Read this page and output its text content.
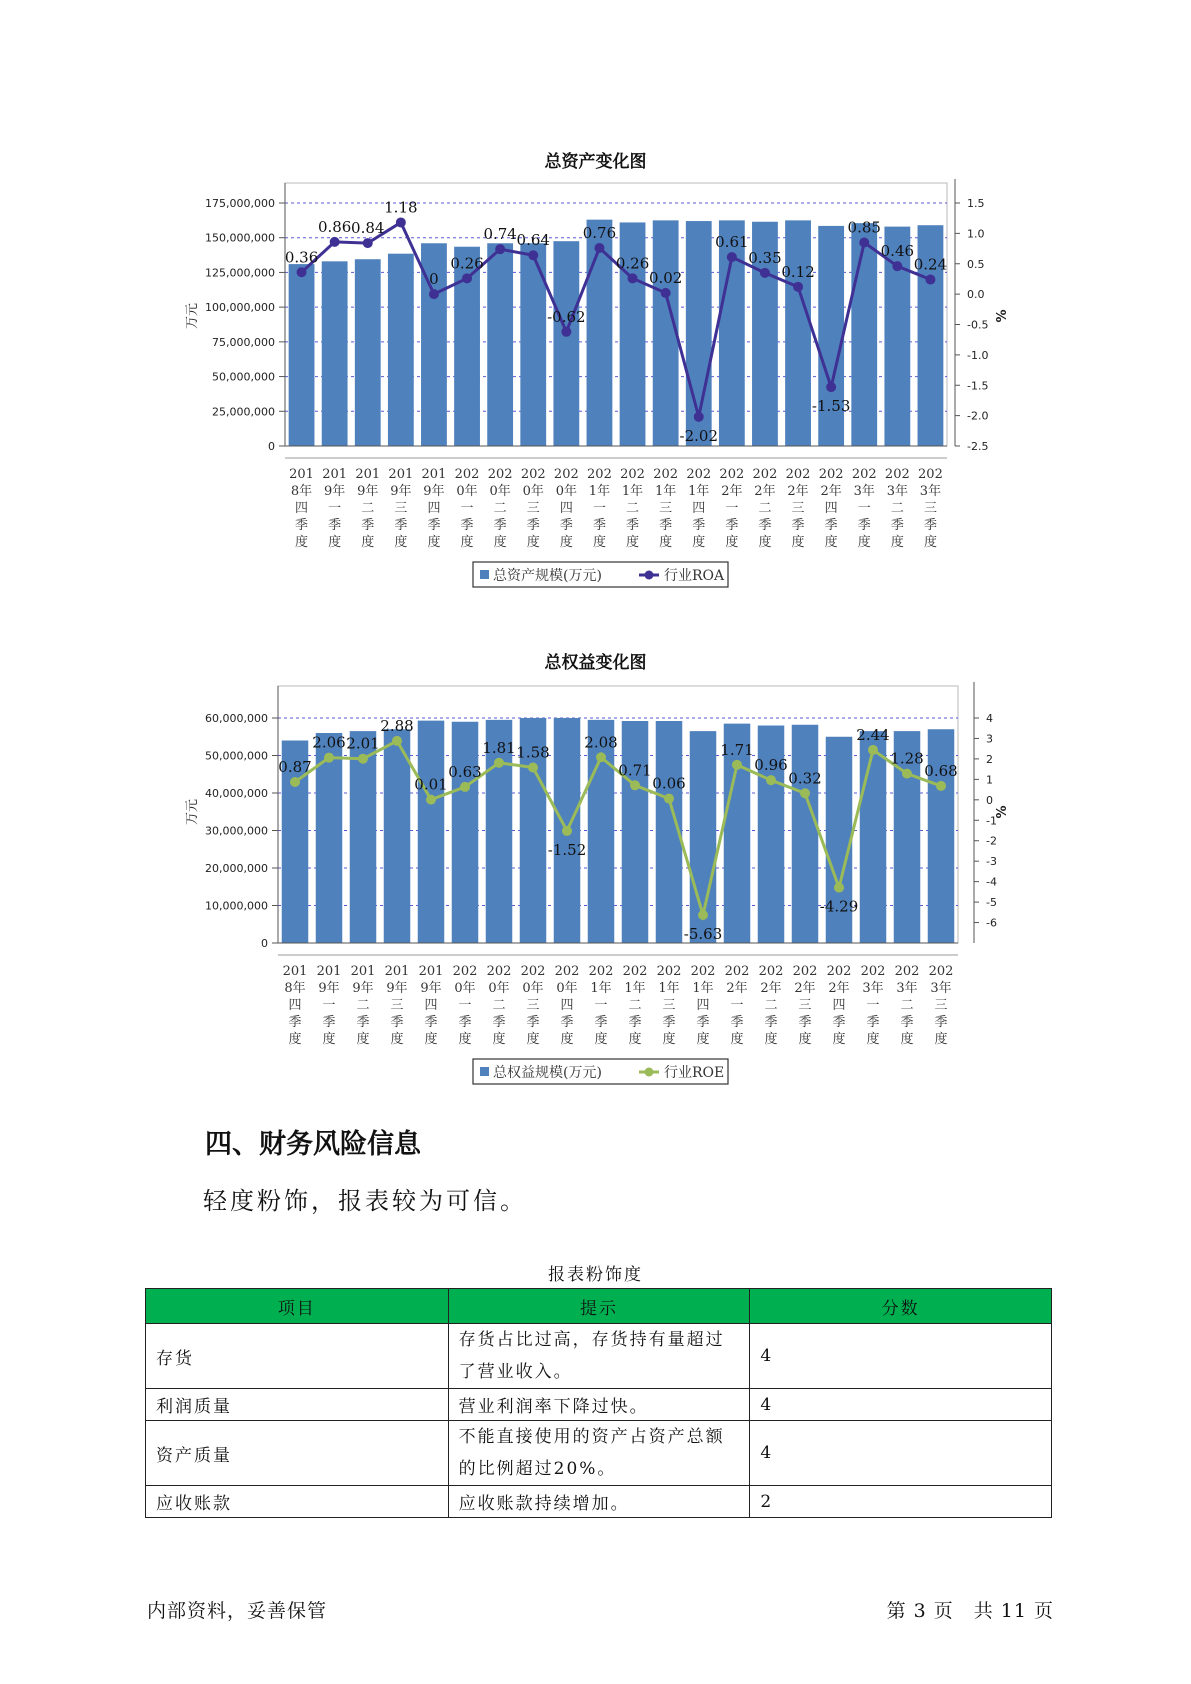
总资产变化图
175,000,000
150,000,000
125,000,000
100,000,000
75,000,000
50,000,000
25,000,000
0
1.5
1.0
0.5
0.0
-0.5
-1.0
-1.5
-2.0
-2.5
万元	%
201 8年四季度
201 9年一季度
201 9年二季度
201 9年三季度
201 9年四季度
202 0年一季度
202 0年二季度
202 0年三季度
202 0年四季度
202 1年一季度
202 1年二季度
202 1年三季度
202 1年四季度
202 2年一季度
202 2年二季度
202 2年三季度
202 2年四季度
202 3年一季度
202 3年二季度
202 3年三季度
0.36
0.86 0.84
1.18
0
0.26
0.74 0.64
-0.62
0.76
0.26
0.02
-2.02
0.61
0.35
0.12
-1.53
0.85
0.46
0.24
总资产规模(万元)	行业ROA
总权益变化图
60,000,000
50,000,000
40,000,000
30,000,000
20,000,000
10,000,000
0
4
3
2
1
0
-1
-2
-3
-4
-5
-6
万元	%
201 8年四季度
201 9年一季度
201 9年二季度
201 9年三季度
201 9年四季度
202 0年一季度
202 0年二季度
202 0年三季度
202 0年四季度
202 1年一季度
202 1年二季度
202 1年三季度
202 1年四季度
202 2年一季度
202 2年二季度
202 2年三季度
202 2年四季度
202 3年一季度
202 3年二季度
202 3年三季度
0.87
2.06 2.01
2.88
0.01
0.63
1.81 1.58
-1.52
2.08
0.71
0.06
-5.63
1.71
0.96
0.32
-4.29
2.44
1.28
0.68
总权益规模(万元)	行业ROE
四、财务风险信息

轻度粉饰，报表较为可信。

报表粉饰度
项目	提示	分数
存货	存货占比过高，存货持有量超过了营业收入。	4
利润质量	营业利润率下降过快。	4
资产质量	不能直接使用的资产占资产总额的比例超过20%。	4
应收账款	应收账款持续增加。	2
内部资料，妥善保管	第 3 页　共 11 页
